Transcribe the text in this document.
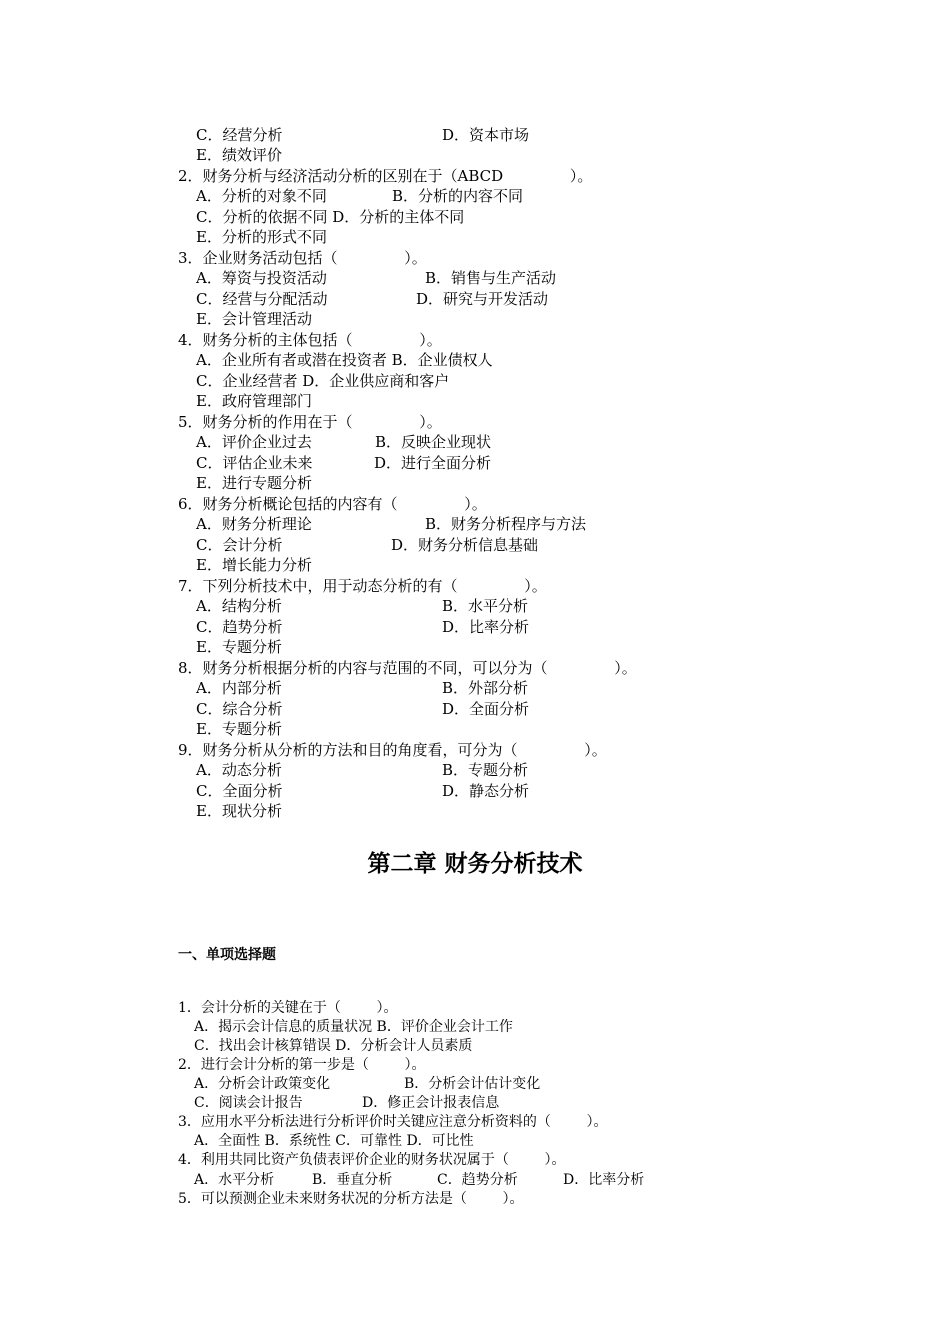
C．经营分析	D．资本市场
E．绩效评价
2．财务分析与经济活动分析的区别在于（ABCD              ）。
A．分析的对象不同	B．分析的内容不同
C．分析的依据不同 D．分析的主体不同
E．分析的形式不同
3．企业财务活动包括（              ）。
A．筹资与投资活动	B．销售与生产活动
C．经营与分配活动	D．研究与开发活动
E．会计管理活动
4．财务分析的主体包括（              ）。
A．企业所有者或潜在投资者 B．企业债权人
C．企业经营者 D．企业供应商和客户
E．政府管理部门
5．财务分析的作用在于（              ）。
A．评价企业过去	B．反映企业现状
C．评估企业未来	D．进行全面分析
E．进行专题分析
6．财务分析概论包括的内容有（              ）。
A．财务分析理论	B．财务分析程序与方法
C．会计分析	D．财务分析信息基础
E．增长能力分析
7．下列分析技术中，用于动态分析的有（              ）。
A．结构分析	B．水平分析
C．趋势分析	D．比率分析
E．专题分析
8．财务分析根据分析的内容与范围的不同，可以分为（              ）。
A．内部分析	B．外部分析
C．综合分析	D．全面分析
E．专题分析
9．财务分析从分析的方法和目的角度看，可分为（              ）。
A．动态分析	B．专题分析
C．全面分析	D．静态分析
E．现状分析
第二章 财务分析技术
一、单项选择题
1．会计分析的关键在于（        ）。
A．揭示会计信息的质量状况 B．评价企业会计工作
C．找出会计核算错误 D．分析会计人员素质
2．进行会计分析的第一步是（        ）。
A．分析会计政策变化	B．分析会计估计变化
C．阅读会计报告	D．修正会计报表信息
3．应用水平分析法进行分析评价时关键应注意分析资料的（        ）。
A．全面性 B．系统性 C．可靠性 D．可比性
4．利用共同比资产负债表评价企业的财务状况属于（        ）。
A．水平分析	B．垂直分析	C．趋势分析	D．比率分析
5．可以预测企业未来财务状况的分析方法是（        ）。
